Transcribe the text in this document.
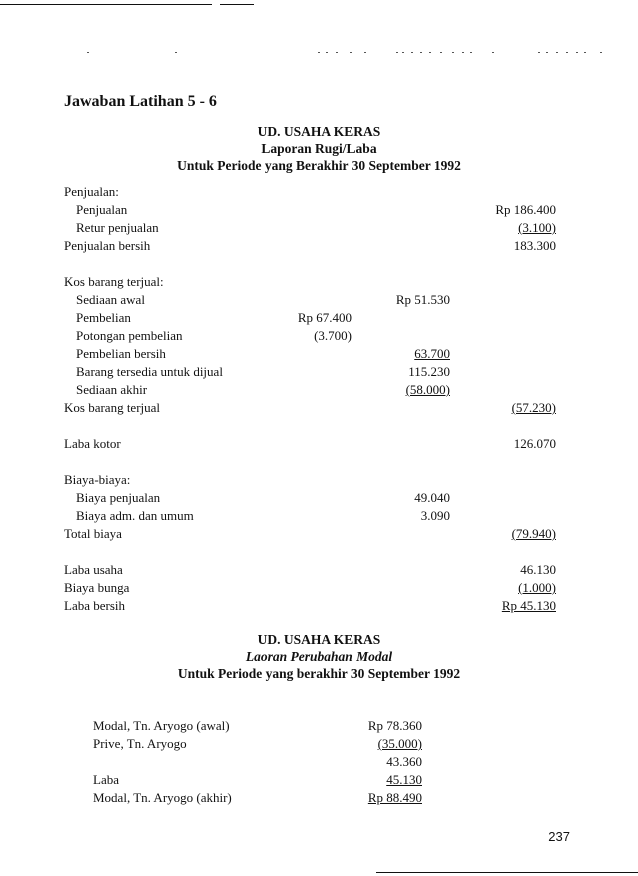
Jawaban Latihan 5 - 6
UD. USAHA KERAS
Laporan Rugi/Laba
Untuk Periode yang Berakhir 30 September 1992
Penjualan:
Penjualan	Rp 186.400
Retur penjualan	(3.100)
Penjualan bersih	183.300
Kos barang terjual:
Sediaan awal	Rp 51.530
Pembelian	Rp 67.400
Potongan pembelian	(3.700)
Pembelian bersih	63.700
Barang tersedia untuk dijual	115.230
Sediaan akhir	(58.000)
Kos barang terjual	(57.230)
Laba kotor	126.070
Biaya-biaya:
Biaya penjualan	49.040
Biaya adm. dan umum	3.090
Total biaya	(79.940)
Laba usaha	46.130
Biaya bunga	(1.000)
Laba bersih	Rp 45.130
UD. USAHA KERAS
Laoran Perubahan Modal
Untuk Periode yang berakhir 30 September 1992
Modal, Tn. Aryogo (awal)	Rp 78.360
Prive, Tn. Aryogo	(35.000)
43.360
Laba	45.130
Modal, Tn. Aryogo (akhir)	Rp 88.490
237
